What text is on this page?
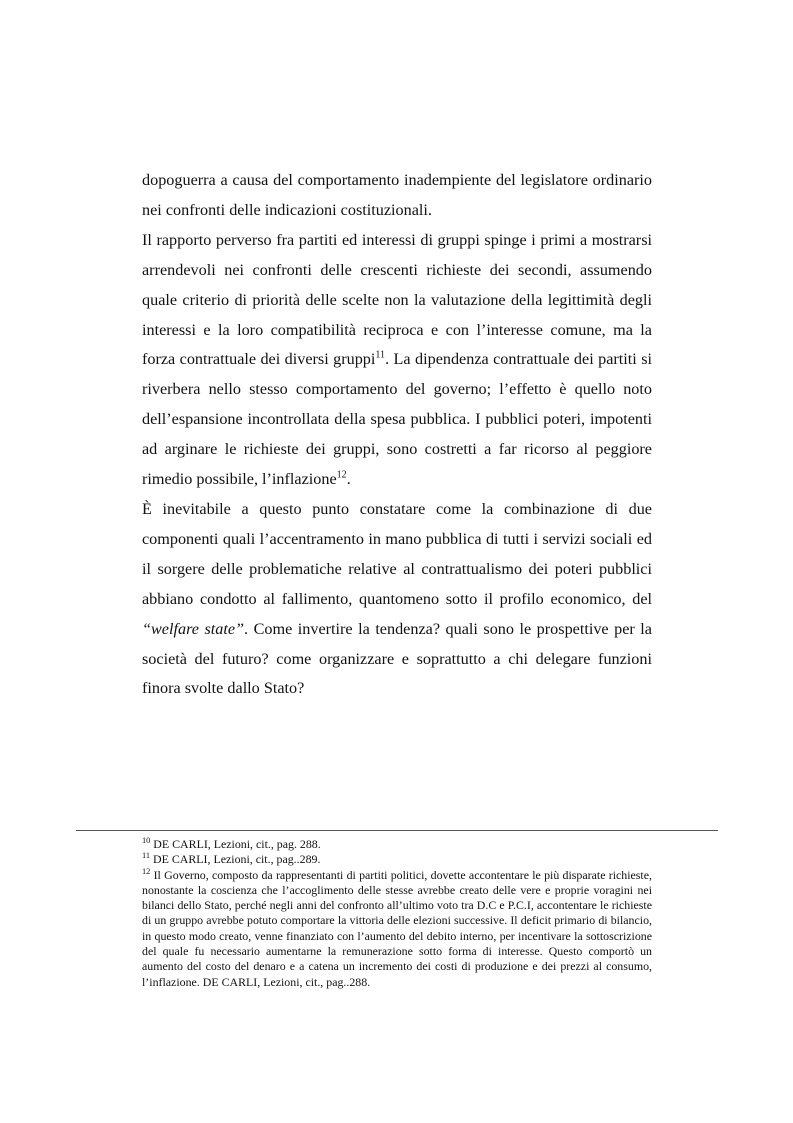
dopoguerra a causa del comportamento inadempiente del legislatore ordinario nei confronti delle indicazioni costituzionali.

Il rapporto perverso fra partiti ed interessi di gruppi spinge i primi a mostrarsi arrendevoli nei confronti delle crescenti richieste dei secondi, assumendo quale criterio di priorità delle scelte non la valutazione della legittimità degli interessi e la loro compatibilità reciproca e con l’interesse comune, ma la forza contrattuale dei diversi gruppi$^{11}$. La dipendenza contrattuale dei partiti si riverbera nello stesso comportamento del governo; l’effetto è quello noto dell’espansione incontrollata della spesa pubblica. I pubblici poteri, impotenti ad arginare le richieste dei gruppi, sono costretti a far ricorso al peggiore rimedio possibile, l’inflazione$^{12}$.

È inevitabile a questo punto constatare come la combinazione di due componenti quali l’accentramento in mano pubblica di tutti i servizi sociali ed il sorgere delle problematiche relative al contrattualismo dei poteri pubblici abbiano condotto al fallimento, quantomeno sotto il profilo economico, del “welfare state”. Come invertire la tendenza? quali sono le prospettive per la società del futuro? come organizzare e soprattutto a chi delegare funzioni finora svolte dallo Stato?

$^{10}$ DE CARLI, Lezioni, cit., pag. 288.

$^{11}$ DE CARLI, Lezioni, cit., pag..289.

$^{12}$ Il Governo, composto da rappresentanti di partiti politici, dovette accontentare le più disparate richieste, nonostante la coscienza che l’accoglimento delle stesse avrebbe creato delle vere e proprie voragini nei bilanci dello Stato, perché negli anni del confronto all’ultimo voto tra D.C e P.C.I, accontentare le richieste di un gruppo avrebbe potuto comportare la vittoria delle elezioni successive. Il deficit primario di bilancio, in questo modo creato, venne finanziato con l’aumento del debito interno, per incentivare la sottoscrizione del quale fu necessario aumentarne la remunerazione sotto forma di interesse. Questo comportò un aumento del costo del denaro e a catena un incremento dei costi di produzione e dei prezzi al consumo, l’inflazione. DE CARLI, Lezioni, cit., pag..288.
